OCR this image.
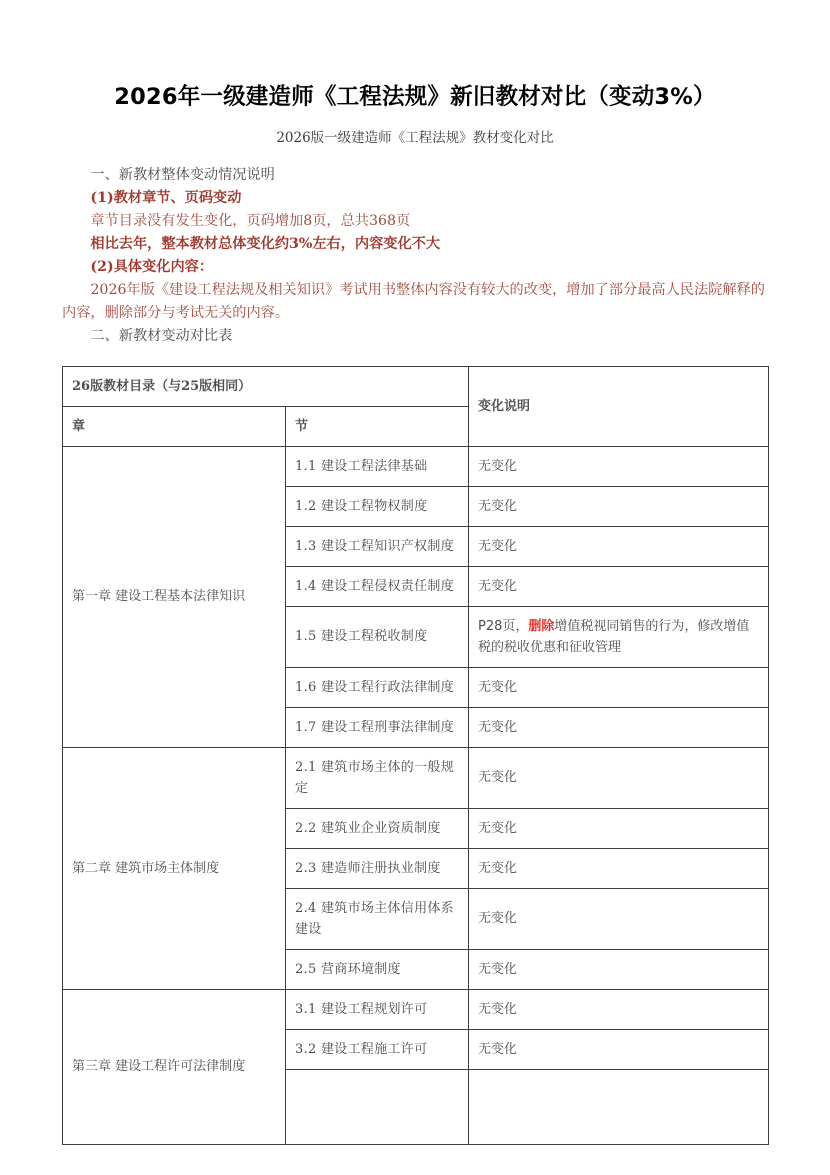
2026年一级建造师《工程法规》新旧教材对比（变动3%）
2026版一级建造师《工程法规》教材变化对比

一、新教材整体变动情况说明

(1)教材章节、页码变动

章节目录没有发生变化，页码增加8页，总共368页

相比去年，整本教材总体变化约3%左右，内容变化不大

(2)具体变化内容：

2026年版《建设工程法规及相关知识》考试用书整体内容没有较大的改变，增加了部分最高人民法院解释的内容，删除部分与考试无关的内容。

二、新教材变动对比表

26版教材目录（与25版相同）		变化说明
章	节	
第一章 建设工程基本法律知识	1.1 建设工程法律基础	无变化
	1.2 建设工程物权制度	无变化
	1.3 建设工程知识产权制度	无变化
	1.4 建设工程侵权责任制度	无变化
	1.5 建设工程税收制度	P28页，删除增值税视同销售的行为，修改增值税的税收优惠和征收管理
	1.6 建设工程行政法律制度	无变化
	1.7 建设工程刑事法律制度	无变化
第二章 建筑市场主体制度	2.1 建筑市场主体的一般规定	无变化
	2.2 建筑业企业资质制度	无变化
	2.3 建造师注册执业制度	无变化
	2.4 建筑市场主体信用体系建设	无变化
	2.5 营商环境制度	无变化
第三章 建设工程许可法律制度	3.1 建设工程规划许可	无变化
	3.2 建设工程施工许可	无变化
